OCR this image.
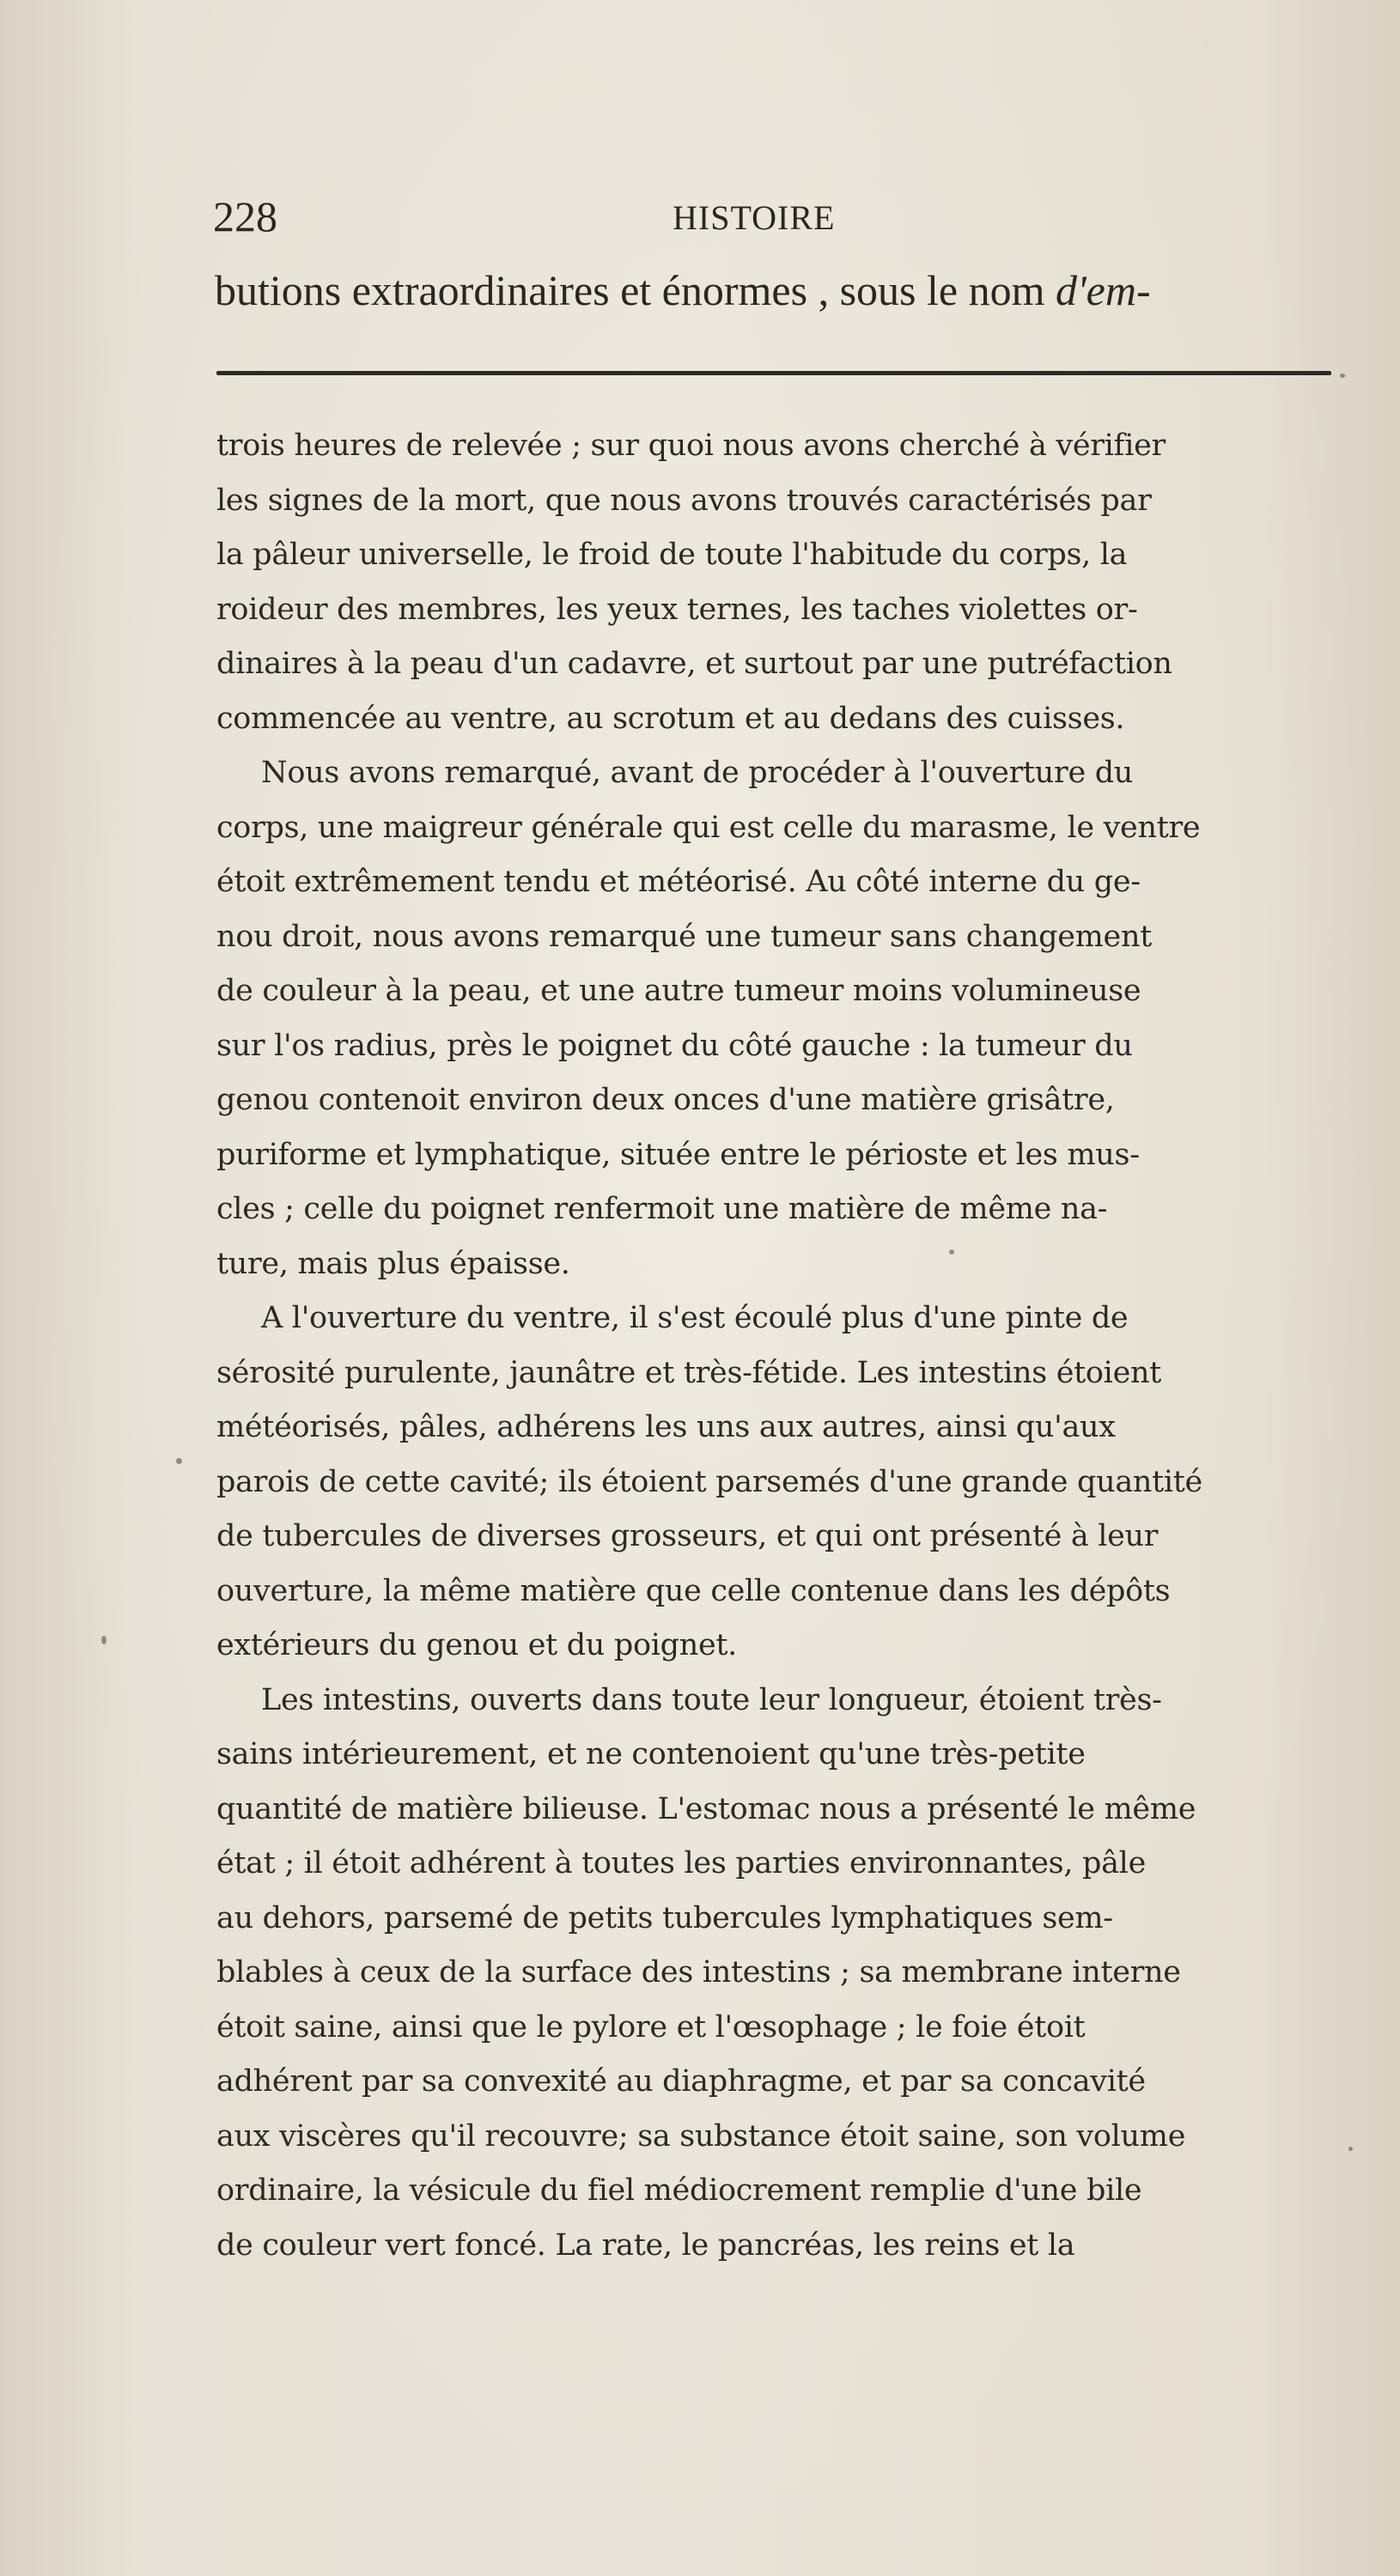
228	HISTOIRE
butions extraordinaires et énormes , sous le nom d'em-

trois heures de relevée ; sur quoi nous avons cherché à vérifier
les signes de la mort, que nous avons trouvés caractérisés par
la pâleur universelle, le froid de toute l'habitude du corps, la
roideur des membres, les yeux ternes, les taches violettes or-
dinaires à la peau d'un cadavre, et surtout par une putréfaction
commencée au ventre, au scrotum et au dedans des cuisses.

Nous avons remarqué, avant de procéder à l'ouverture du
corps, une maigreur générale qui est celle du marasme, le ventre
étoit extrêmement tendu et météorisé. Au côté interne du ge-
nou droit, nous avons remarqué une tumeur sans changement
de couleur à la peau, et une autre tumeur moins volumineuse
sur l'os radius, près le poignet du côté gauche : la tumeur du
genou contenoit environ deux onces d'une matière grisâtre,
puriforme et lymphatique, située entre le périoste et les mus-
cles ; celle du poignet renfermoit une matière de même na-
ture, mais plus épaisse.

A l'ouverture du ventre, il s'est écoulé plus d'une pinte de
sérosité purulente, jaunâtre et très-fétide. Les intestins étoient
météorisés, pâles, adhérens les uns aux autres, ainsi qu'aux
parois de cette cavité; ils étoient parsemés d'une grande quantité
de tubercules de diverses grosseurs, et qui ont présenté à leur
ouverture, la même matière que celle contenue dans les dépôts
extérieurs du genou et du poignet.

Les intestins, ouverts dans toute leur longueur, étoient très-
sains intérieurement, et ne contenoient qu'une très-petite
quantité de matière bilieuse. L'estomac nous a présenté le même
état ; il étoit adhérent à toutes les parties environnantes, pâle
au dehors, parsemé de petits tubercules lymphatiques sem-
blables à ceux de la surface des intestins ; sa membrane interne
étoit saine, ainsi que le pylore et l'œsophage ; le foie étoit
adhérent par sa convexité au diaphragme, et par sa concavité
aux viscères qu'il recouvre; sa substance étoit saine, son volume
ordinaire, la vésicule du fiel médiocrement remplie d'une bile
de couleur vert foncé. La rate, le pancréas, les reins et la
